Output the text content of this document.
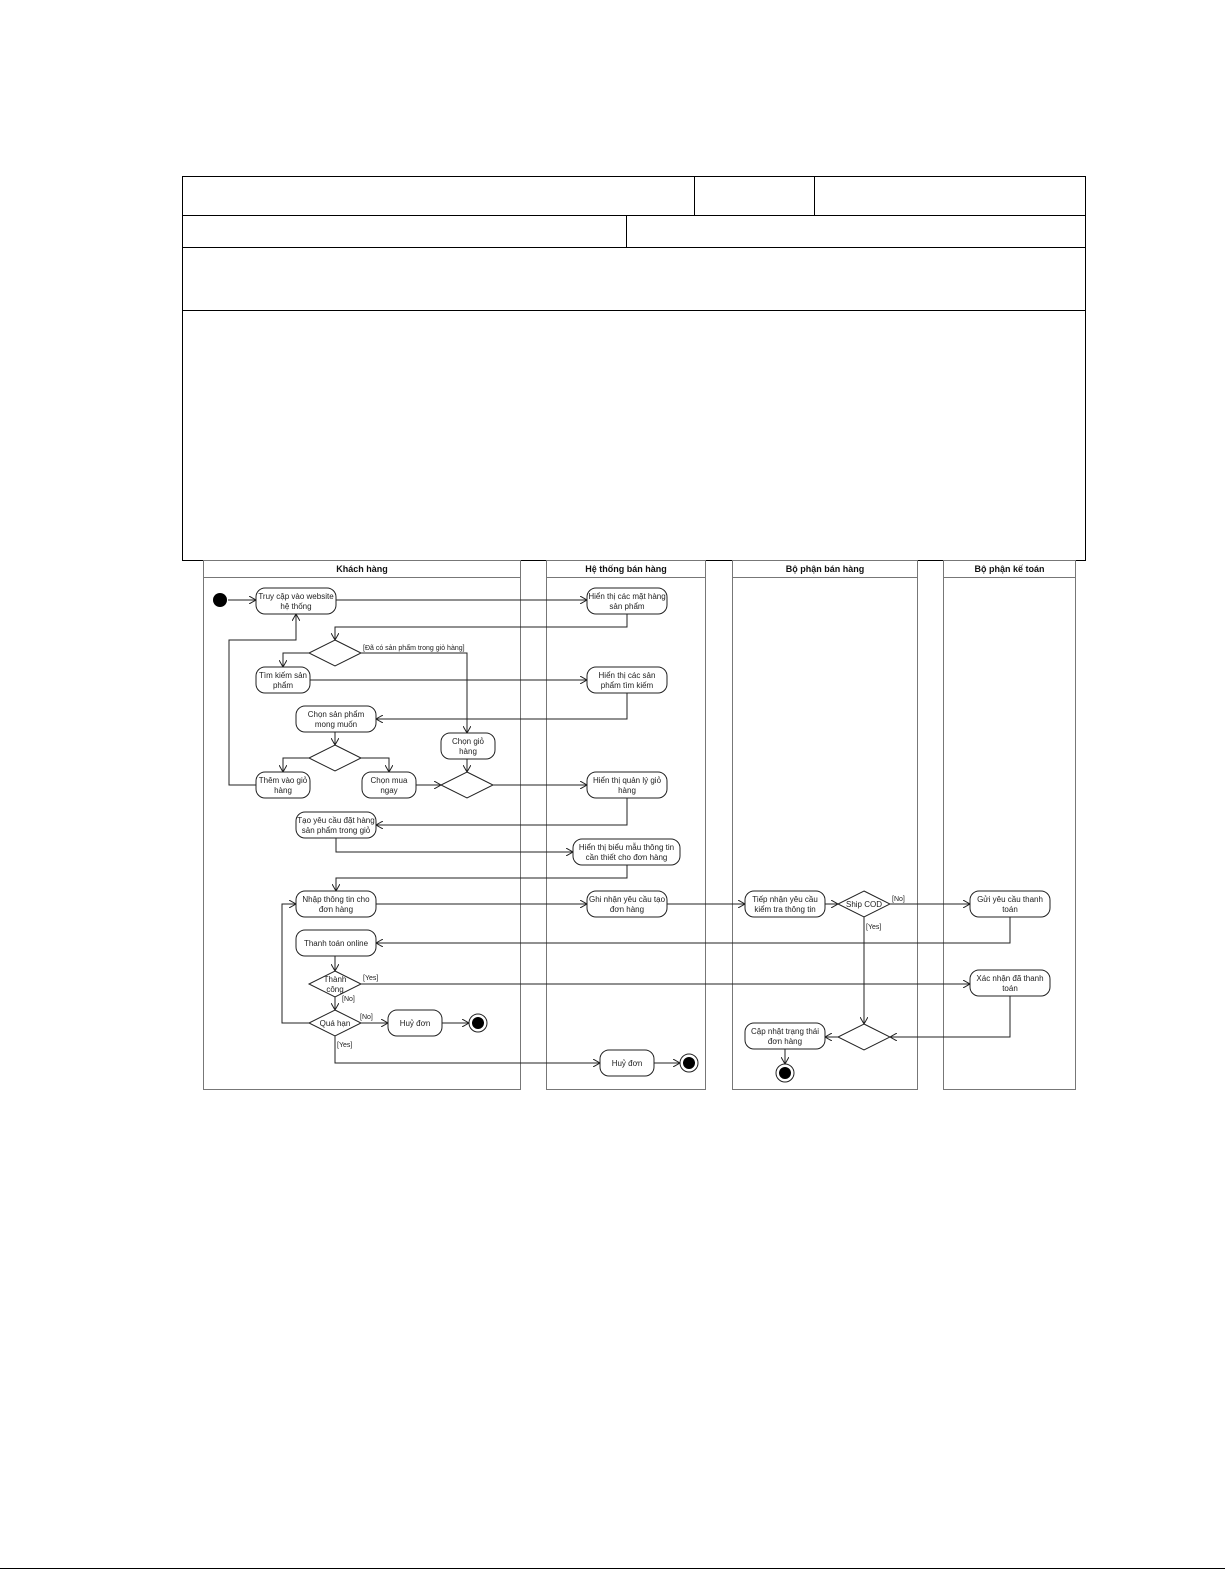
Khách hàng	Hệ thống bán hàng	Bộ phận bán hàng	Bộ phận kế toán
Truy cập vào website
hệ thống
Hiển thị các mặt hàng
sản phẩm
Tìm kiếm sản
phẩm
Hiển thị các sản
phẩm tìm kiếm
Chọn sản phẩm
mong muốn
Chọn giỏ
hàng
Thêm vào giỏ
hàng
Chọn mua
ngay
Hiển thị quản lý giỏ
hàng
Tạo yêu cầu đặt hàng
sản phẩm trong giỏ
Hiển thị biểu mẫu thông tin
cần thiết cho đơn hàng
Nhập thông tin cho
đơn hàng
Ghi nhận yêu cầu tạo
đơn hàng
Tiếp nhận yêu cầu
kiểm tra thông tin
Gửi yêu cầu thanh
toán
Thanh toán online
Xác nhận đã thanh
toán
Huỷ đơn
Huỷ đơn
Cập nhật trạng thái
đơn hàng
Thành
công
Quá hạn
Ship COD
[Đã có sản phẩm trong giỏ hàng]
[No]
[Yes]
[Yes]
[No]
[No]
[Yes]
